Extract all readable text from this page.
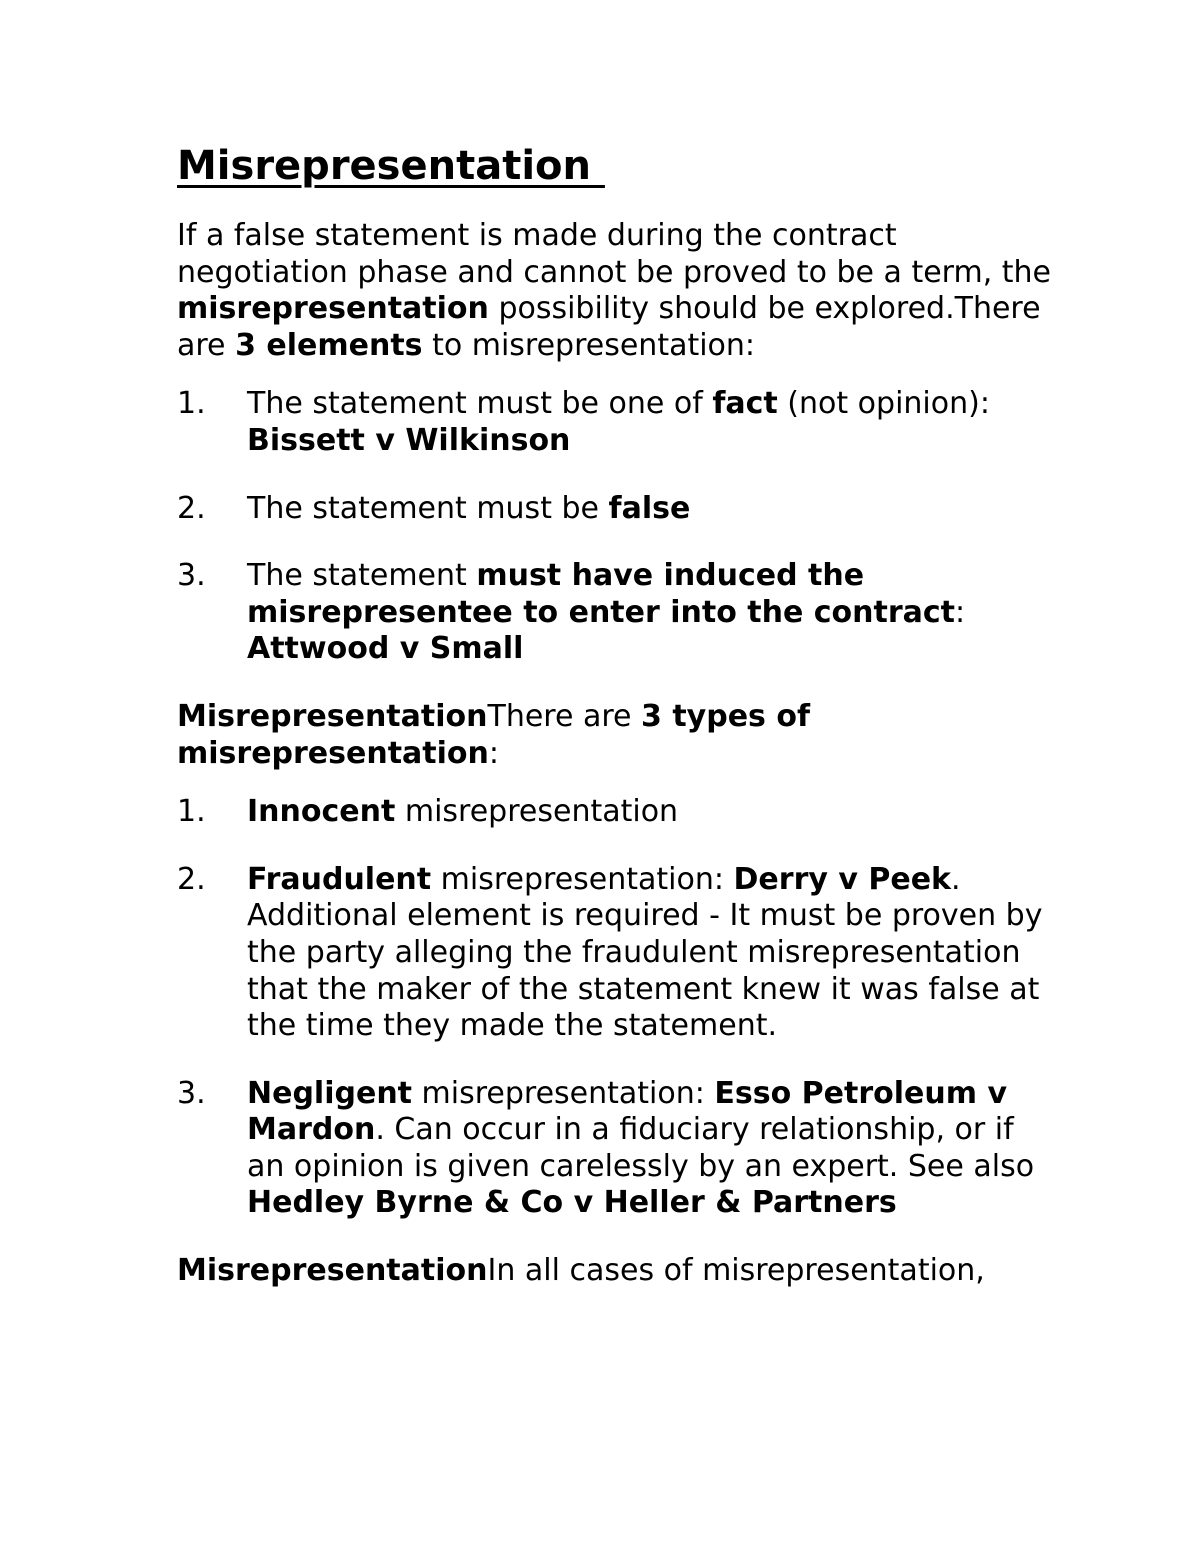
Misrepresentation

If a false statement is made during the contract negotiation phase and cannot be proved to be a term, the misrepresentation possibility should be explored.There are 3 elements to misrepresentation:

1. The statement must be one of fact (not opinion): Bissett v Wilkinson
2. The statement must be false
3. The statement must have induced the misrepresentee to enter into the contract: Attwood v Small

MisrepresentationThere are 3 types of misrepresentation:

1. Innocent misrepresentation
2. Fraudulent misrepresentation: Derry v Peek. Additional element is required - It must be proven by the party alleging the fraudulent misrepresentation that the maker of the statement knew it was false at the time they made the statement.
3. Negligent misrepresentation: Esso Petroleum v Mardon. Can occur in a fiduciary relationship, or if an opinion is given carelessly by an expert. See also Hedley Byrne & Co v Heller & Partners

MisrepresentationIn all cases of misrepresentation,
